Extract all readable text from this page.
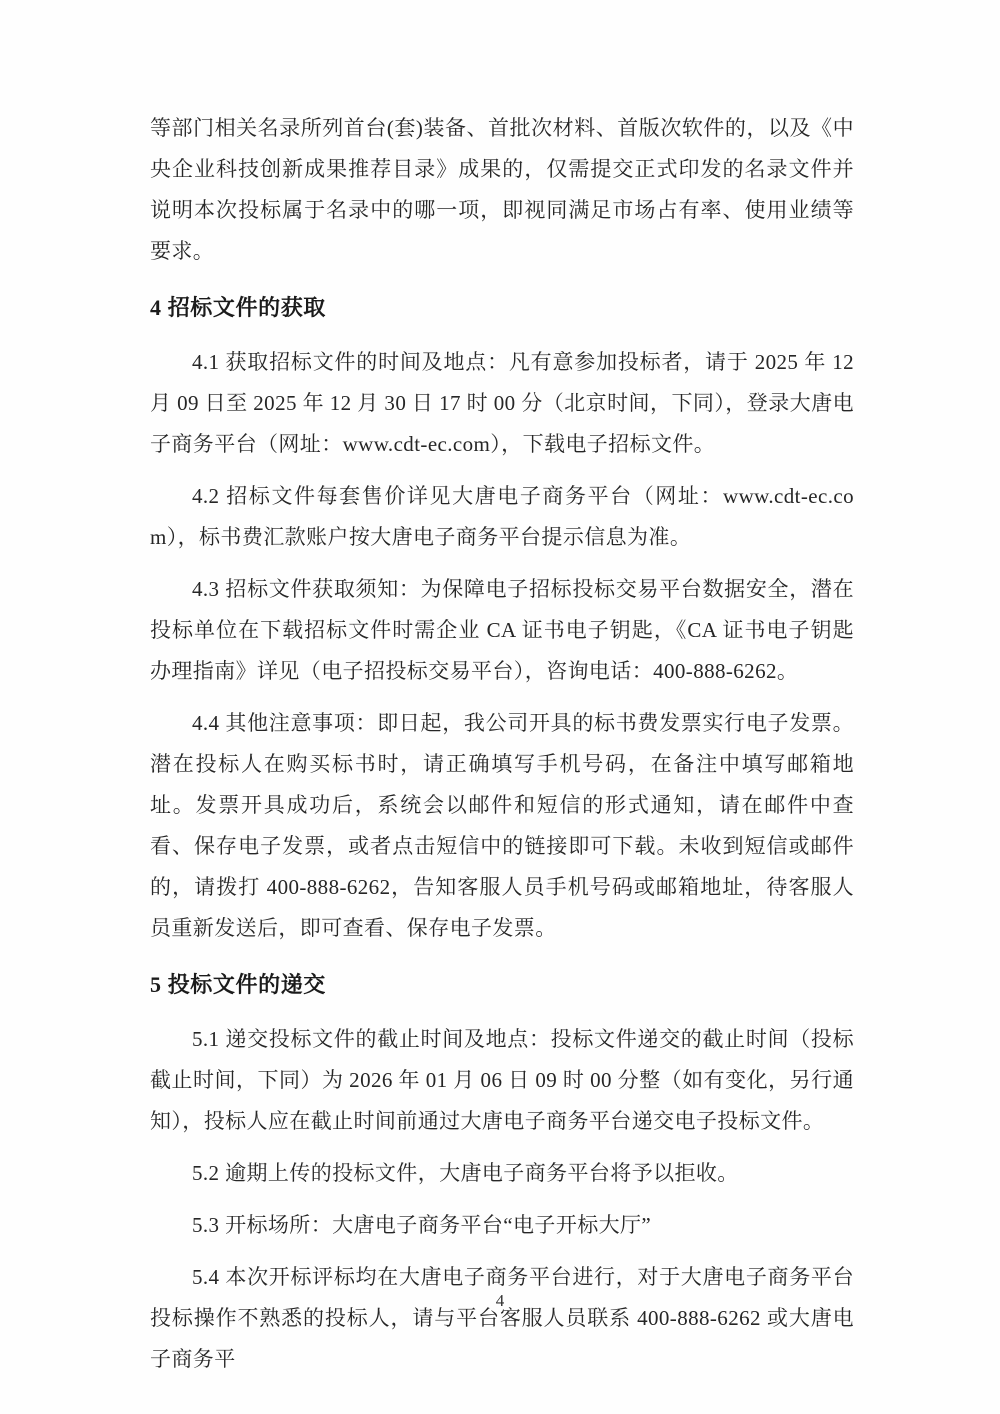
等部门相关名录所列首台(套)装备、首批次材料、首版次软件的，以及《中央企业科技创新成果推荐目录》成果的，仅需提交正式印发的名录文件并说明本次投标属于名录中的哪一项，即视同满足市场占有率、使用业绩等要求。

4 招标文件的获取

4.1 获取招标文件的时间及地点：凡有意参加投标者，请于 2025 年 12 月 09 日至 2025 年 12 月 30 日 17 时 00 分（北京时间，下同），登录大唐电子商务平台（网址：www.cdt-ec.com），下载电子招标文件。

4.2 招标文件每套售价详见大唐电子商务平台（网址：www.cdt-ec.com），标书费汇款账户按大唐电子商务平台提示信息为准。

4.3 招标文件获取须知：为保障电子招标投标交易平台数据安全，潜在投标单位在下载招标文件时需企业 CA 证书电子钥匙，《CA 证书电子钥匙办理指南》详见（电子招投标交易平台），咨询电话：400-888-6262。

4.4 其他注意事项：即日起，我公司开具的标书费发票实行电子发票。潜在投标人在购买标书时，请正确填写手机号码，在备注中填写邮箱地址。发票开具成功后，系统会以邮件和短信的形式通知，请在邮件中查看、保存电子发票，或者点击短信中的链接即可下载。未收到短信或邮件的，请拨打 400-888-6262，告知客服人员手机号码或邮箱地址，待客服人员重新发送后，即可查看、保存电子发票。

5 投标文件的递交

5.1 递交投标文件的截止时间及地点：投标文件递交的截止时间（投标截止时间，下同）为 2026 年 01 月 06 日 09 时 00 分整（如有变化，另行通知），投标人应在截止时间前通过大唐电子商务平台递交电子投标文件。

5.2 逾期上传的投标文件，大唐电子商务平台将予以拒收。

5.3 开标场所：大唐电子商务平台“电子开标大厅”

5.4 本次开标评标均在大唐电子商务平台进行，对于大唐电子商务平台投标操作不熟悉的投标人，请与平台客服人员联系 400-888-6262 或大唐电子商务平

4
